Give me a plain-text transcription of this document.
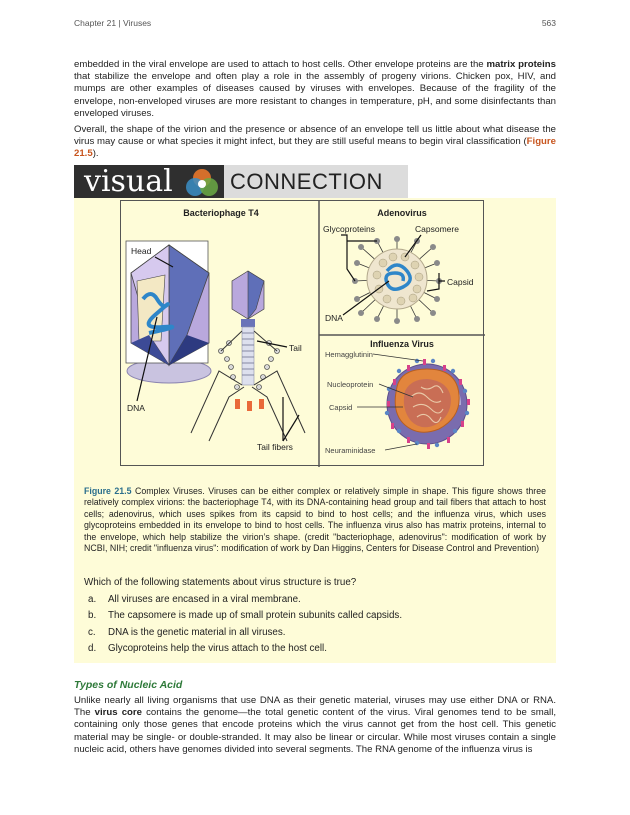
Chapter 21 | Viruses	563
embedded in the viral envelope are used to attach to host cells. Other envelope proteins are the matrix proteins that stabilize the envelope and often play a role in the assembly of progeny virions. Chicken pox, HIV, and mumps are other examples of diseases caused by viruses with envelopes. Because of the fragility of the envelope, non-enveloped viruses are more resistant to changes in temperature, pH, and some disinfectants than enveloped viruses.
Overall, the shape of the virion and the presence or absence of an envelope tell us little about what disease the virus may cause or what species it might infect, but they are still useful means to begin viral classification (Figure 21.5).
visual	CONNECTION
Bacteriophage T4	Adenovirus
Influenza Virus
Head
DNA
Tail
Tail fibers
Glycoproteins	Capsomere
Capsid
DNA
Hemagglutinin
Nucleoprotein
Capsid
Neuraminidase
Figure 21.5 Complex Viruses. Viruses can be either complex or relatively simple in shape. This figure shows three relatively complex virions: the bacteriophage T4, with its DNA-containing head group and tail fibers that attach to host cells; adenovirus, which uses spikes from its capsid to bind to host cells; and the influenza virus, which uses glycoproteins embedded in its envelope to bind to host cells. The influenza virus also has matrix proteins, internal to the envelope, which help stabilize the virion’s shape. (credit "bacteriophage, adenovirus": modification of work by NCBI, NIH; credit "influenza virus": modification of work by Dan Higgins, Centers for Disease Control and Prevention)
Which of the following statements about virus structure is true?
a. All viruses are encased in a viral membrane.
b. The capsomere is made up of small protein subunits called capsids.
c. DNA is the genetic material in all viruses.
d. Glycoproteins help the virus attach to the host cell.
Types of Nucleic Acid
Unlike nearly all living organisms that use DNA as their genetic material, viruses may use either DNA or RNA. The virus core contains the genome—the total genetic content of the virus. Viral genomes tend to be small, containing only those genes that encode proteins which the virus cannot get from the host cell. This genetic material may be single- or double-stranded. It may also be linear or circular. While most viruses contain a single nucleic acid, others have genomes divided into several segments. The RNA genome of the influenza virus is
